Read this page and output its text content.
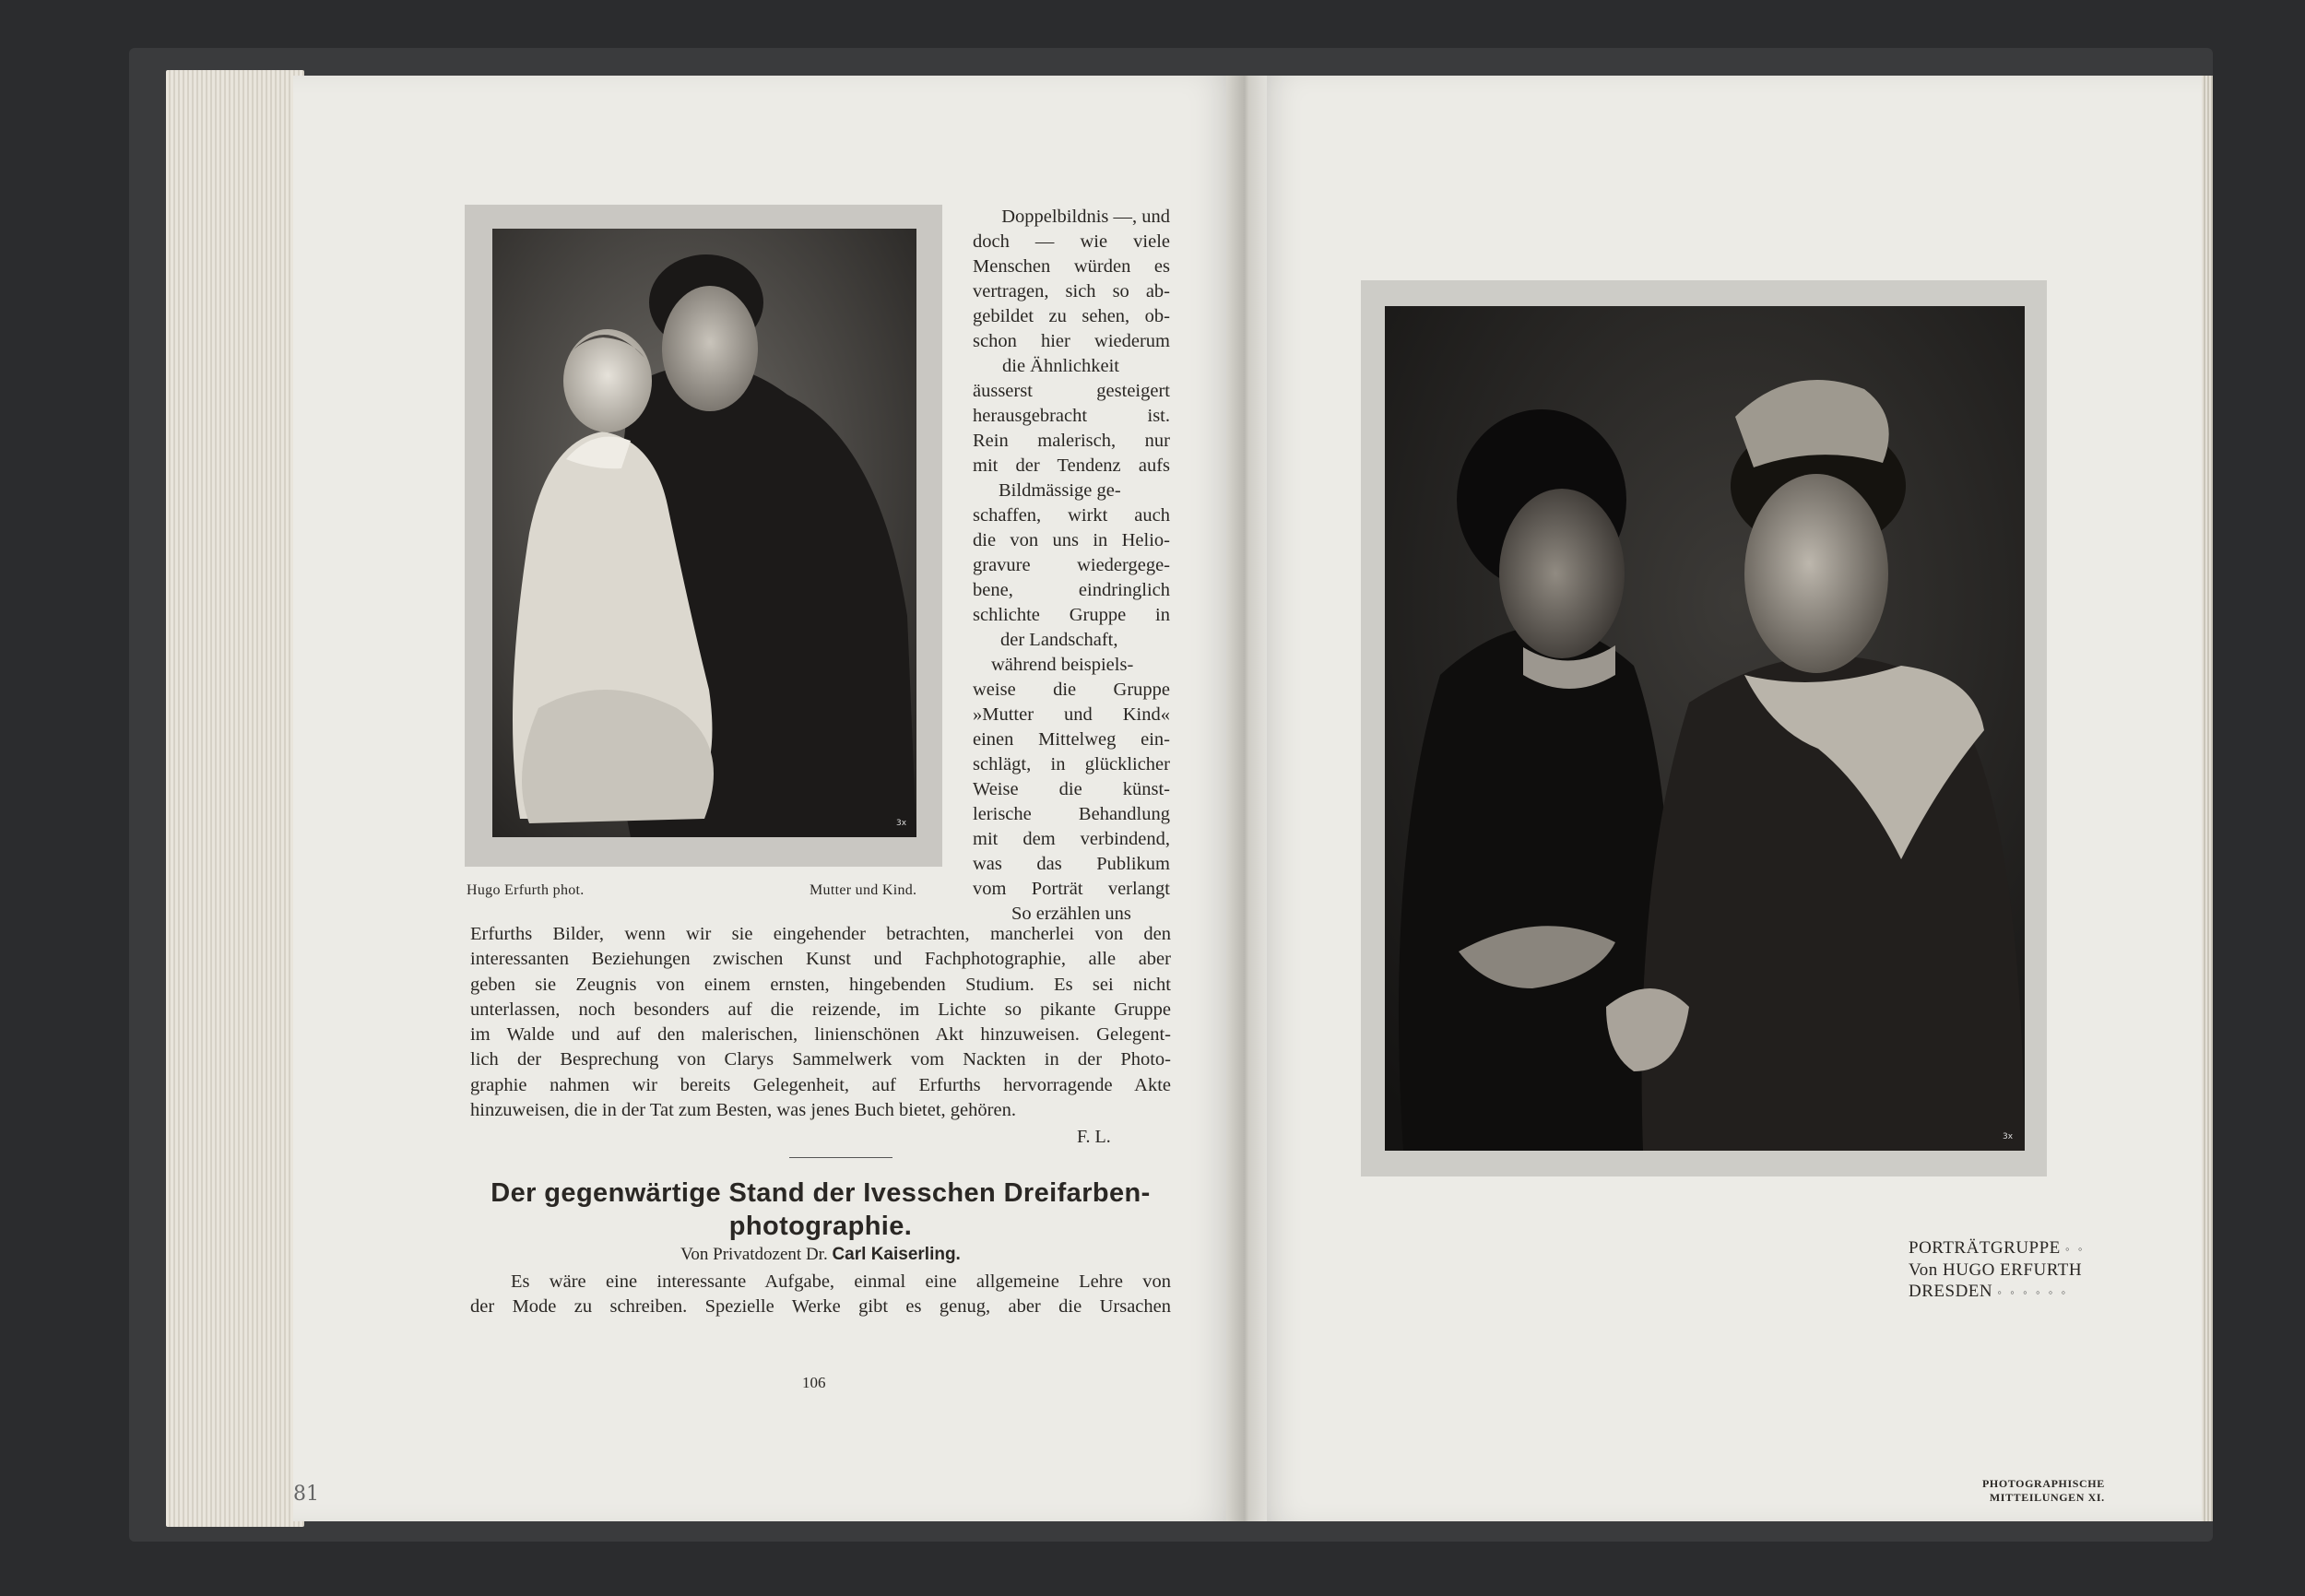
3x
Hugo Erfurth phot.	Mutter und Kind.
Doppelbildnis —, und
doch — wie viele
Menschen würden es
vertragen, sich so ab-
gebildet zu sehen, ob-
schon hier wiederum
die Ähnlichkeit
äusserst gesteigert
herausgebracht ist.
Rein malerisch, nur
mit der Tendenz aufs
Bildmässige ge-
schaffen, wirkt auch
die von uns in Helio-
gravure wiedergege-
bene, eindringlich
schlichte Gruppe in
der Landschaft,
während beispiels-
weise die Gruppe
»Mutter und Kind«
einen Mittelweg ein-
schlägt, in glücklicher
Weise die künst-
lerische Behandlung
mit dem verbindend,
was das Publikum
vom Porträt verlangt
So erzählen uns
Erfurths Bilder, wenn wir sie eingehender betrachten, mancherlei von den
interessanten Beziehungen zwischen Kunst und Fachphotographie, alle aber
geben sie Zeugnis von einem ernsten, hingebenden Studium. Es sei nicht
unterlassen, noch besonders auf die reizende, im Lichte so pikante Gruppe
im Walde und auf den malerischen, linienschönen Akt hinzuweisen. Gelegent-
lich der Besprechung von Clarys Sammelwerk vom Nackten in der Photo-
graphie nahmen wir bereits Gelegenheit, auf Erfurths hervorragende Akte
hinzuweisen, die in der Tat zum Besten, was jenes Buch bietet, gehören.
F. L.
Der gegenwärtige Stand der Ivesschen Dreifarben-
photographie.
Von Privatdozent Dr. Carl Kaiserling.
Es wäre eine interessante Aufgabe, einmal eine allgemeine Lehre von
der Mode zu schreiben. Spezielle Werke gibt es genug, aber die Ursachen
106
81
3x
PORTRÄTGRUPPE ◦ ◦
Von HUGO ERFURTH
DRESDEN ◦ ◦ ◦ ◦ ◦ ◦
PHOTOGRAPHISCHE
MITTEILUNGEN XI.
